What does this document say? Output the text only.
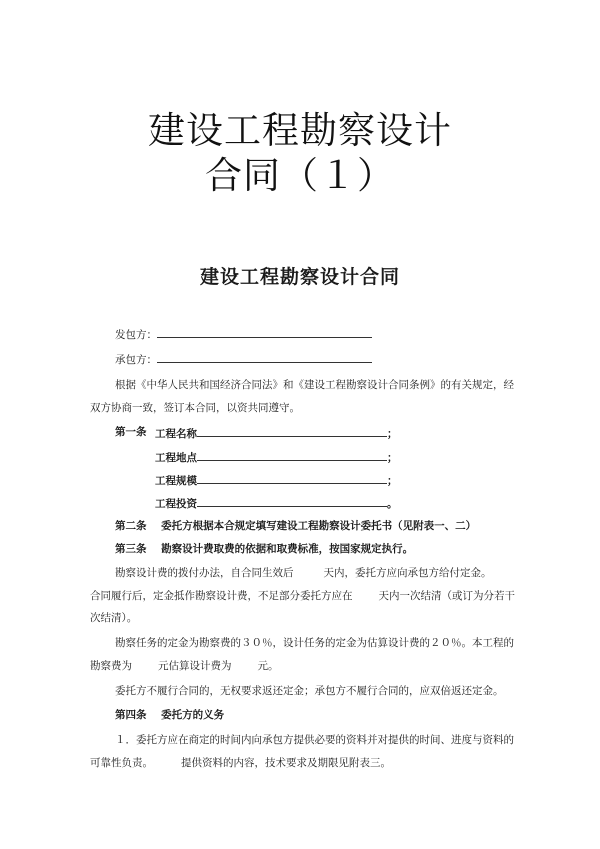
建设工程勘察设计
合同（１）
建设工程勘察设计合同
发包方：
承包方：
根据《中华人民共和国经济合同法》和《建设工程勘察设计合同条例》的有关规定，经
双方协商一致，签订本合同，以资共同遵守。
第一条 工程名称	；
工程地点	；
工程规模	；
工程投资	。
第二条 委托方根据本合规定填写建设工程勘察设计委托书（见附表一、二）
第三条 勘察设计费取费的依据和取费标准，按国家规定执行。
勘察设计费的拨付办法，自合同生效后	天内，委托方应向承包方给付定金。
合同履行后，定金抵作勘察设计费，不足部分委托方应在 天内一次结清（或订为分若干
次结清）。
勘察任务的定金为勘察费的３０％，设计任务的定金为估算设计费的２０％。本工程的
勘察费为 元估算设计费为 元。
委托方不履行合同的，无权要求返还定金；承包方不履行合同的，应双倍返还定金。
第四条 委托方的义务
１．委托方应在商定的时间内向承包方提供必要的资料并对提供的时间、进度与资料的
可靠性负责。	提供资料的内容，技术要求及期限见附表三。
